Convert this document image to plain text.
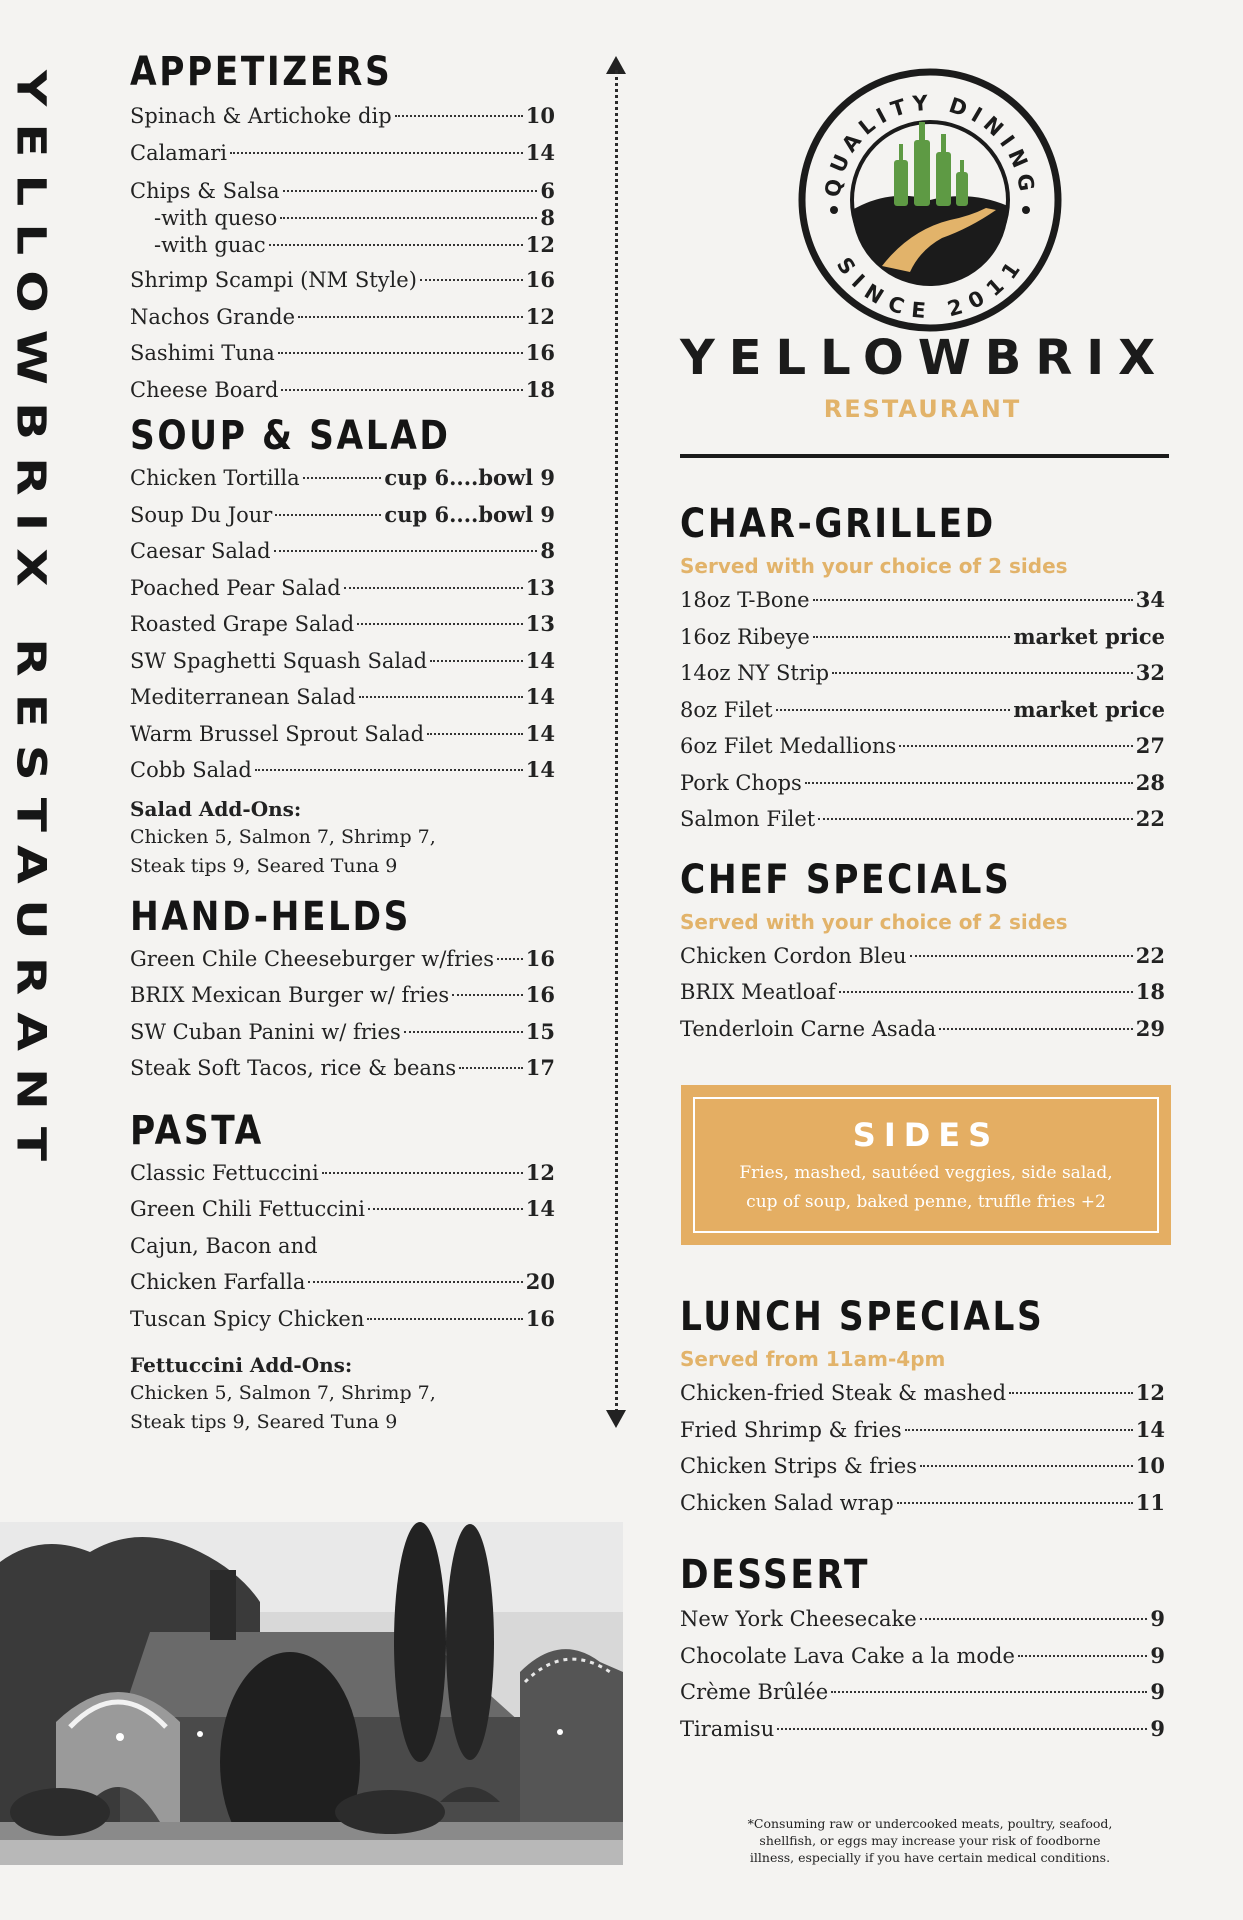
YELLOWBRIX RESTAURANT APPETIZERS
Spinach & Artichoke dip	10
Calamari	14
Chips & Salsa	6
-with queso	8
-with guac	12
Shrimp Scampi (NM Style)	16
Nachos Grande	12
Sashimi Tuna	16
Cheese Board	18
SOUP & SALAD
Chicken Tortilla	cup 6....bowl 9
Soup Du Jour	cup 6....bowl 9
Caesar Salad	8
Poached Pear Salad	13
Roasted Grape Salad	13
SW Spaghetti Squash Salad	14
Mediterranean Salad	14
Warm Brussel Sprout Salad	14
Cobb Salad	14
Salad Add-Ons:
Chicken 5, Salmon 7, Shrimp 7,
Steak tips 9, Seared Tuna 9
HAND-HELDS
Green Chile Cheeseburger w/fries 16
BRIX Mexican Burger w/ fries	16
SW Cuban Panini w/ fries	15
Steak Soft Tacos, rice & beans	17
PASTA
Classic Fettuccini	12
Green Chili Fettuccini	14
Cajun, Bacon and
Chicken Farfalla	20
Tuscan Spicy Chicken	16
Fettuccini Add-Ons:
Chicken 5, Salmon 7, Shrimp 7,
Steak tips 9, Seared Tuna 9
QUALITY DINING
SINCE 2011
YELLOWBRIX
RESTAURANT
CHAR-GRILLED
Served with your choice of 2 sides
18oz T-Bone	34
16oz Ribeye	market price
14oz NY Strip	32
8oz Filet	market price
6oz Filet Medallions	27
Pork Chops	28
Salmon Filet	22
CHEF SPECIALS
Served with your choice of 2 sides
Chicken Cordon Bleu	22
BRIX Meatloaf	18
Tenderloin Carne Asada	29
SIDES
Fries, mashed, sautéed veggies, side salad,
cup of soup, baked penne, truffle fries +2
LUNCH SPECIALS
Served from 11am-4pm
Chicken-fried Steak & mashed	12
Fried Shrimp & fries	14
Chicken Strips & fries	10
Chicken Salad wrap	11
DESSERT
New York Cheesecake	9
Chocolate Lava Cake a la mode	9
Crème Brûlée	9
Tiramisu	9
*Consuming raw or undercooked meats, poultry, seafood,
shellfish, or eggs may increase your risk of foodborne
illness, especially if you have certain medical conditions.
